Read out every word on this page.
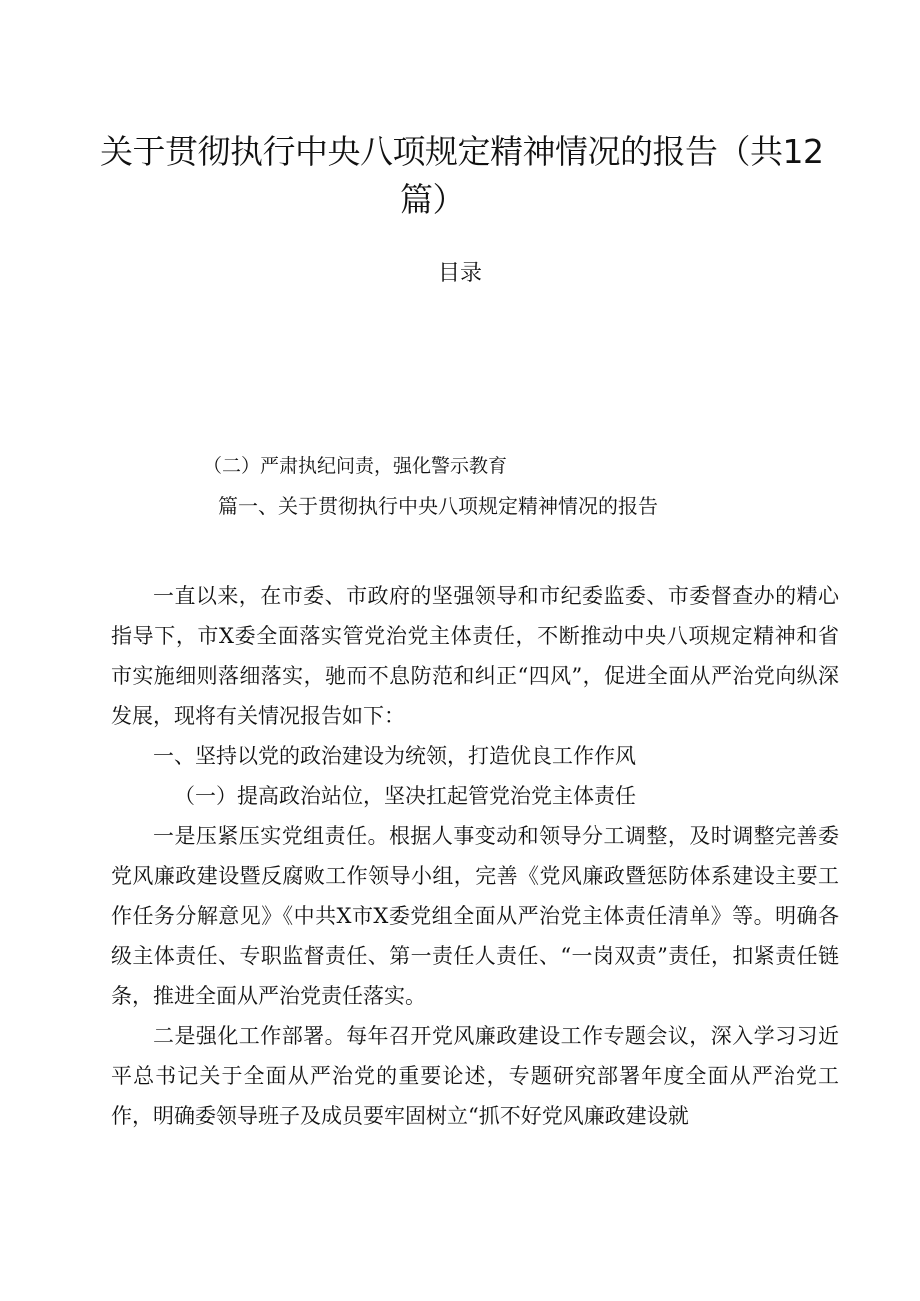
关于贯彻执行中央八项规定精神情况的报告（共12
篇）
目录
（二）严肃执纪问责，强化警示教育
篇一、关于贯彻执行中央八项规定精神情况的报告

一直以来，在市委、市政府的坚强领导和市纪委监委、市委督查办的精心指导下，市X委全面落实管党治党主体责任，不断推动中央八项规定精神和省市实施细则落细落实，驰而不息防范和纠正“四风”，促进全面从严治党向纵深发展，现将有关情况报告如下：

一、坚持以党的政治建设为统领，打造优良工作作风

（一）提高政治站位，坚决扛起管党治党主体责任

一是压紧压实党组责任。根据人事变动和领导分工调整，及时调整完善委党风廉政建设暨反腐败工作领导小组，完善《党风廉政暨惩防体系建设主要工作任务分解意见》《中共X市X委党组全面从严治党主体责任清单》等。明确各级主体责任、专职监督责任、第一责任人责任、“一岗双责”责任，扣紧责任链条，推进全面从严治党责任落实。

二是强化工作部署。每年召开党风廉政建设工作专题会议，深入学习习近平总书记关于全面从严治党的重要论述，专题研究部署年度全面从严治党工作，明确委领导班子及成员要牢固树立“抓不好党风廉政建设就
